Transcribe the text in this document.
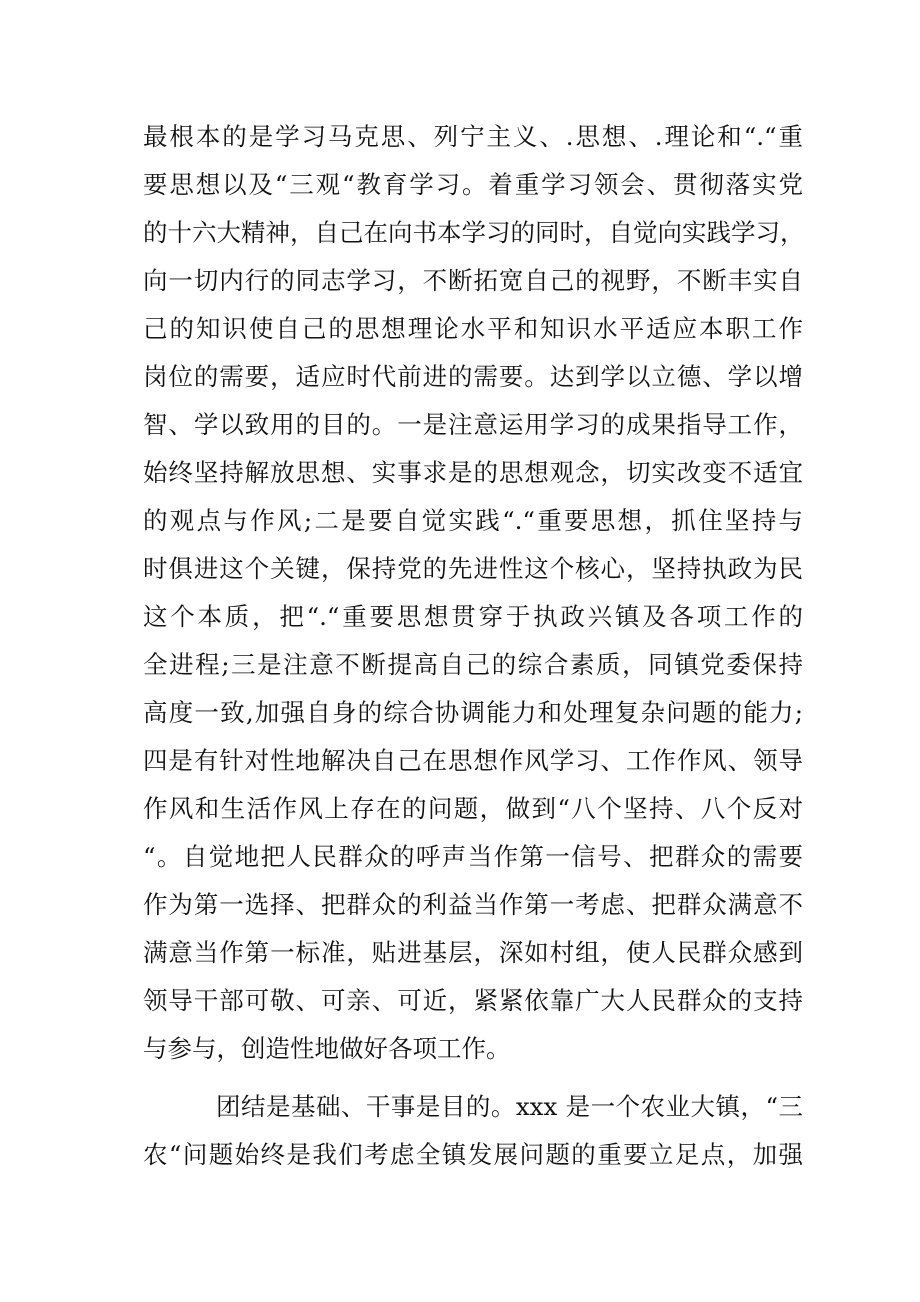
最根本的是学习马克思、列宁主义、.思想、.理论和“.“重
要思想以及“三观“教育学习。着重学习领会、贯彻落实党
的十六大精神，自己在向书本学习的同时，自觉向实践学习，
向一切内行的同志学习，不断拓宽自己的视野，不断丰实自
己的知识使自己的思想理论水平和知识水平适应本职工作
岗位的需要，适应时代前进的需要。达到学以立德、学以增
智、学以致用的目的。一是注意运用学习的成果指导工作，
始终坚持解放思想、实事求是的思想观念，切实改变不适宜
的观点与作风;二是要自觉实践“.“重要思想，抓住坚持与
时俱进这个关键，保持党的先进性这个核心，坚持执政为民
这个本质，把“.“重要思想贯穿于执政兴镇及各项工作的
全进程;三是注意不断提高自己的综合素质，同镇党委保持
高度一致,加强自身的综合协调能力和处理复杂问题的能力;
四是有针对性地解决自己在思想作风学习、工作作风、领导
作风和生活作风上存在的问题，做到“八个坚持、八个反对
“。自觉地把人民群众的呼声当作第一信号、把群众的需要
作为第一选择、把群众的利益当作第一考虑、把群众满意不
满意当作第一标准，贴进基层，深如村组，使人民群众感到
领导干部可敬、可亲、可近，紧紧依靠广大人民群众的支持
与参与，创造性地做好各项工作。
团结是基础、干事是目的。xxx 是一个农业大镇，“三
农“问题始终是我们考虑全镇发展问题的重要立足点，加强
